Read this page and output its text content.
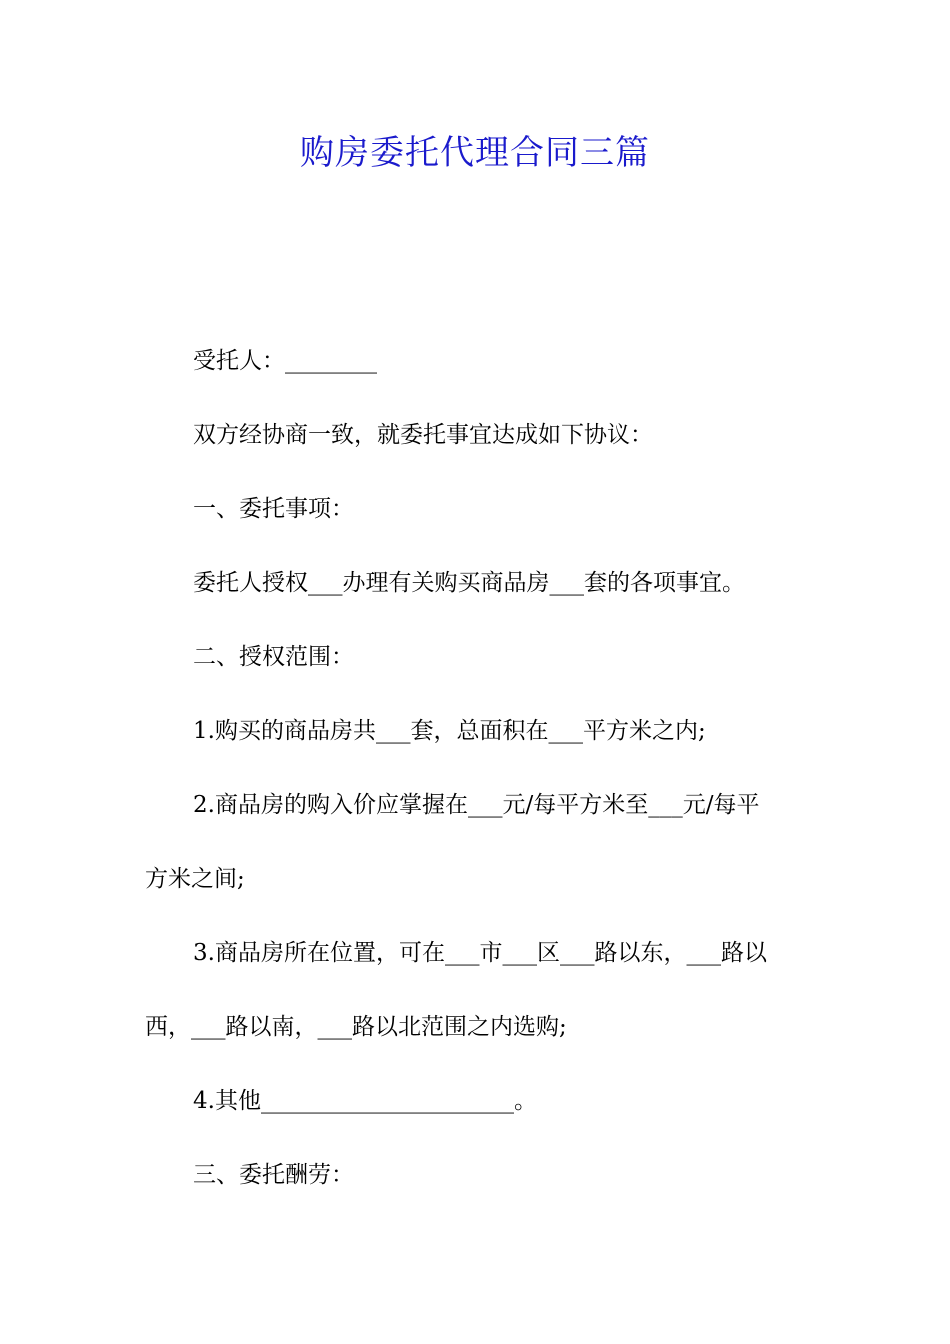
购房委托代理合同三篇

受托人：________

双方经协商一致，就委托事宜达成如下协议：

一、委托事项：

委托人授权___办理有关购买商品房___套的各项事宜。

二、授权范围：

1.购买的商品房共___套，总面积在___平方米之内;

2.商品房的购入价应掌握在___元/每平方米至___元/每平
方米之间;

3.商品房所在位置，可在___市___区___路以东，___路以
西，___路以南，___路以北范围之内选购;

4.其他______________________。

三、委托酬劳：
